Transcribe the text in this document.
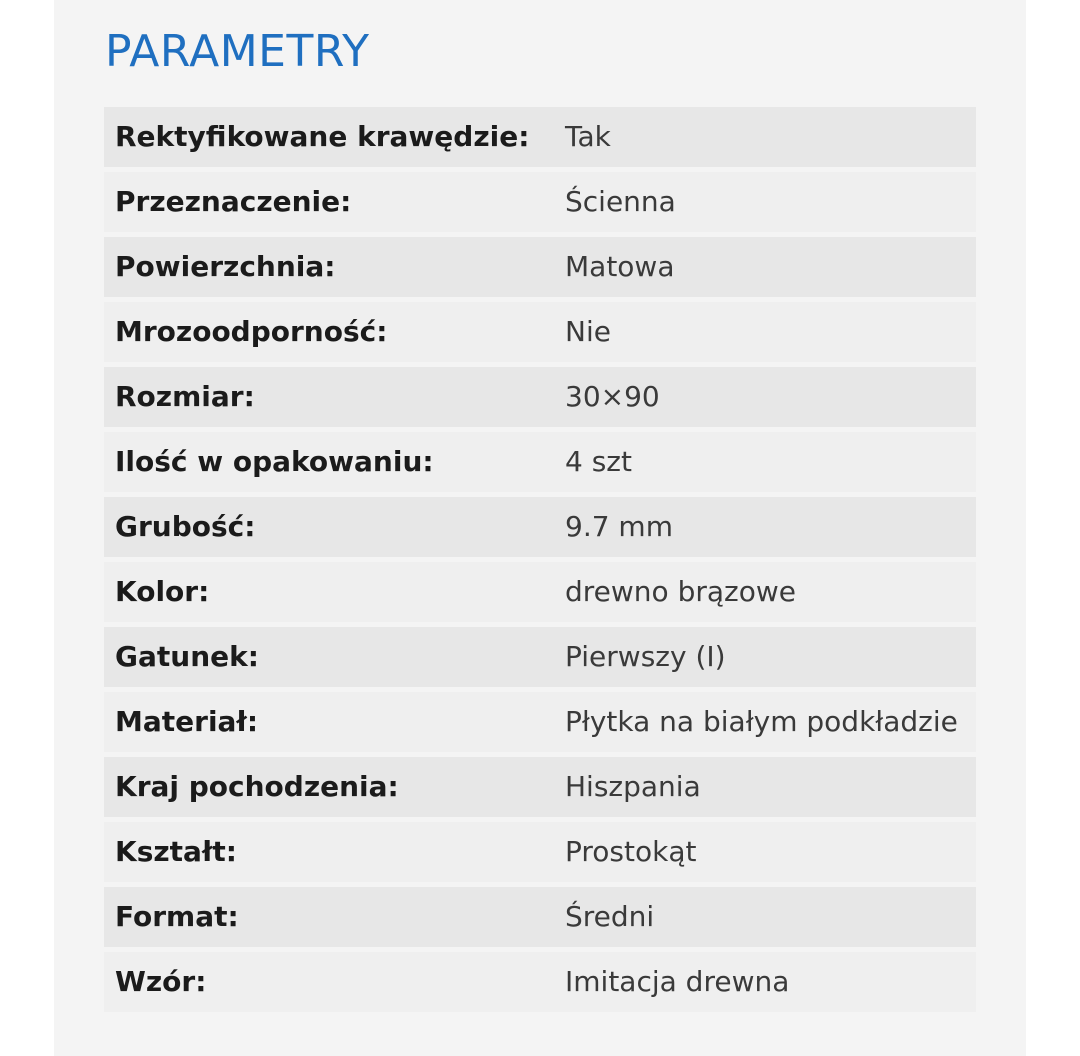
PARAMETRY
Rektyfikowane krawędzie: Tak
Przeznaczenie:	Ścienna
Powierzchnia:	Matowa
Mrozoodporność:	Nie
Rozmiar:	30×90
Ilość w opakowaniu:	4 szt
Grubość:	9.7 mm
Kolor:	drewno brązowe
Gatunek:	Pierwszy (I)
Materiał:	Płytka na białym podkładzie
Kraj pochodzenia:	Hiszpania
Kształt:	Prostokąt
Format:	Średni
Wzór:	Imitacja drewna
